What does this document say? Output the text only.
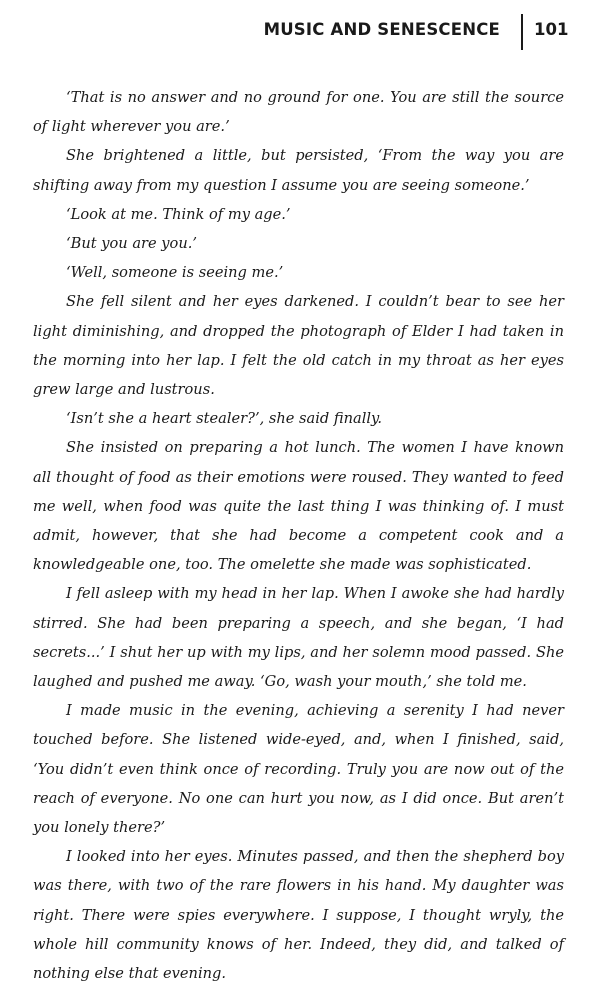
MUSIC AND SENESCENCE 101

‘That is no answer and no ground for one. You are still the source of light wherever you are.’

She brightened a little, but persisted, ‘From the way you are shifting away from my question I assume you are seeing someone.’

‘Look at me. Think of my age.’

‘But you are you.’

‘Well, someone is seeing me.’

She fell silent and her eyes darkened. I couldn’t bear to see her light diminishing, and dropped the photograph of Elder I had taken in the morning into her lap. I felt the old catch in my throat as her eyes grew large and lustrous.

‘Isn’t she a heart stealer?’, she said finally.

She insisted on preparing a hot lunch. The women I have known all thought of food as their emotions were roused. They wanted to feed me well, when food was quite the last thing I was thinking of. I must admit, however, that she had become a competent cook and a knowledgeable one, too. The omelette she made was sophisticated.

I fell asleep with my head in her lap. When I awoke she had hardly stirred. She had been preparing a speech, and she began, ‘I had secrets...’ I shut her up with my lips, and her solemn mood passed. She laughed and pushed me away. ‘Go, wash your mouth,’ she told me.

I made music in the evening, achieving a serenity I had never touched before. She listened wide-eyed, and, when I finished, said, ‘You didn’t even think once of recording. Truly you are now out of the reach of everyone. No one can hurt you now, as I did once. But aren’t you lonely there?’

I looked into her eyes. Minutes passed, and then the shepherd boy was there, with two of the rare flowers in his hand. My daughter was right. There were spies everywhere. I suppose, I thought wryly, the whole hill community knows of her. Indeed, they did, and talked of nothing else that evening.
